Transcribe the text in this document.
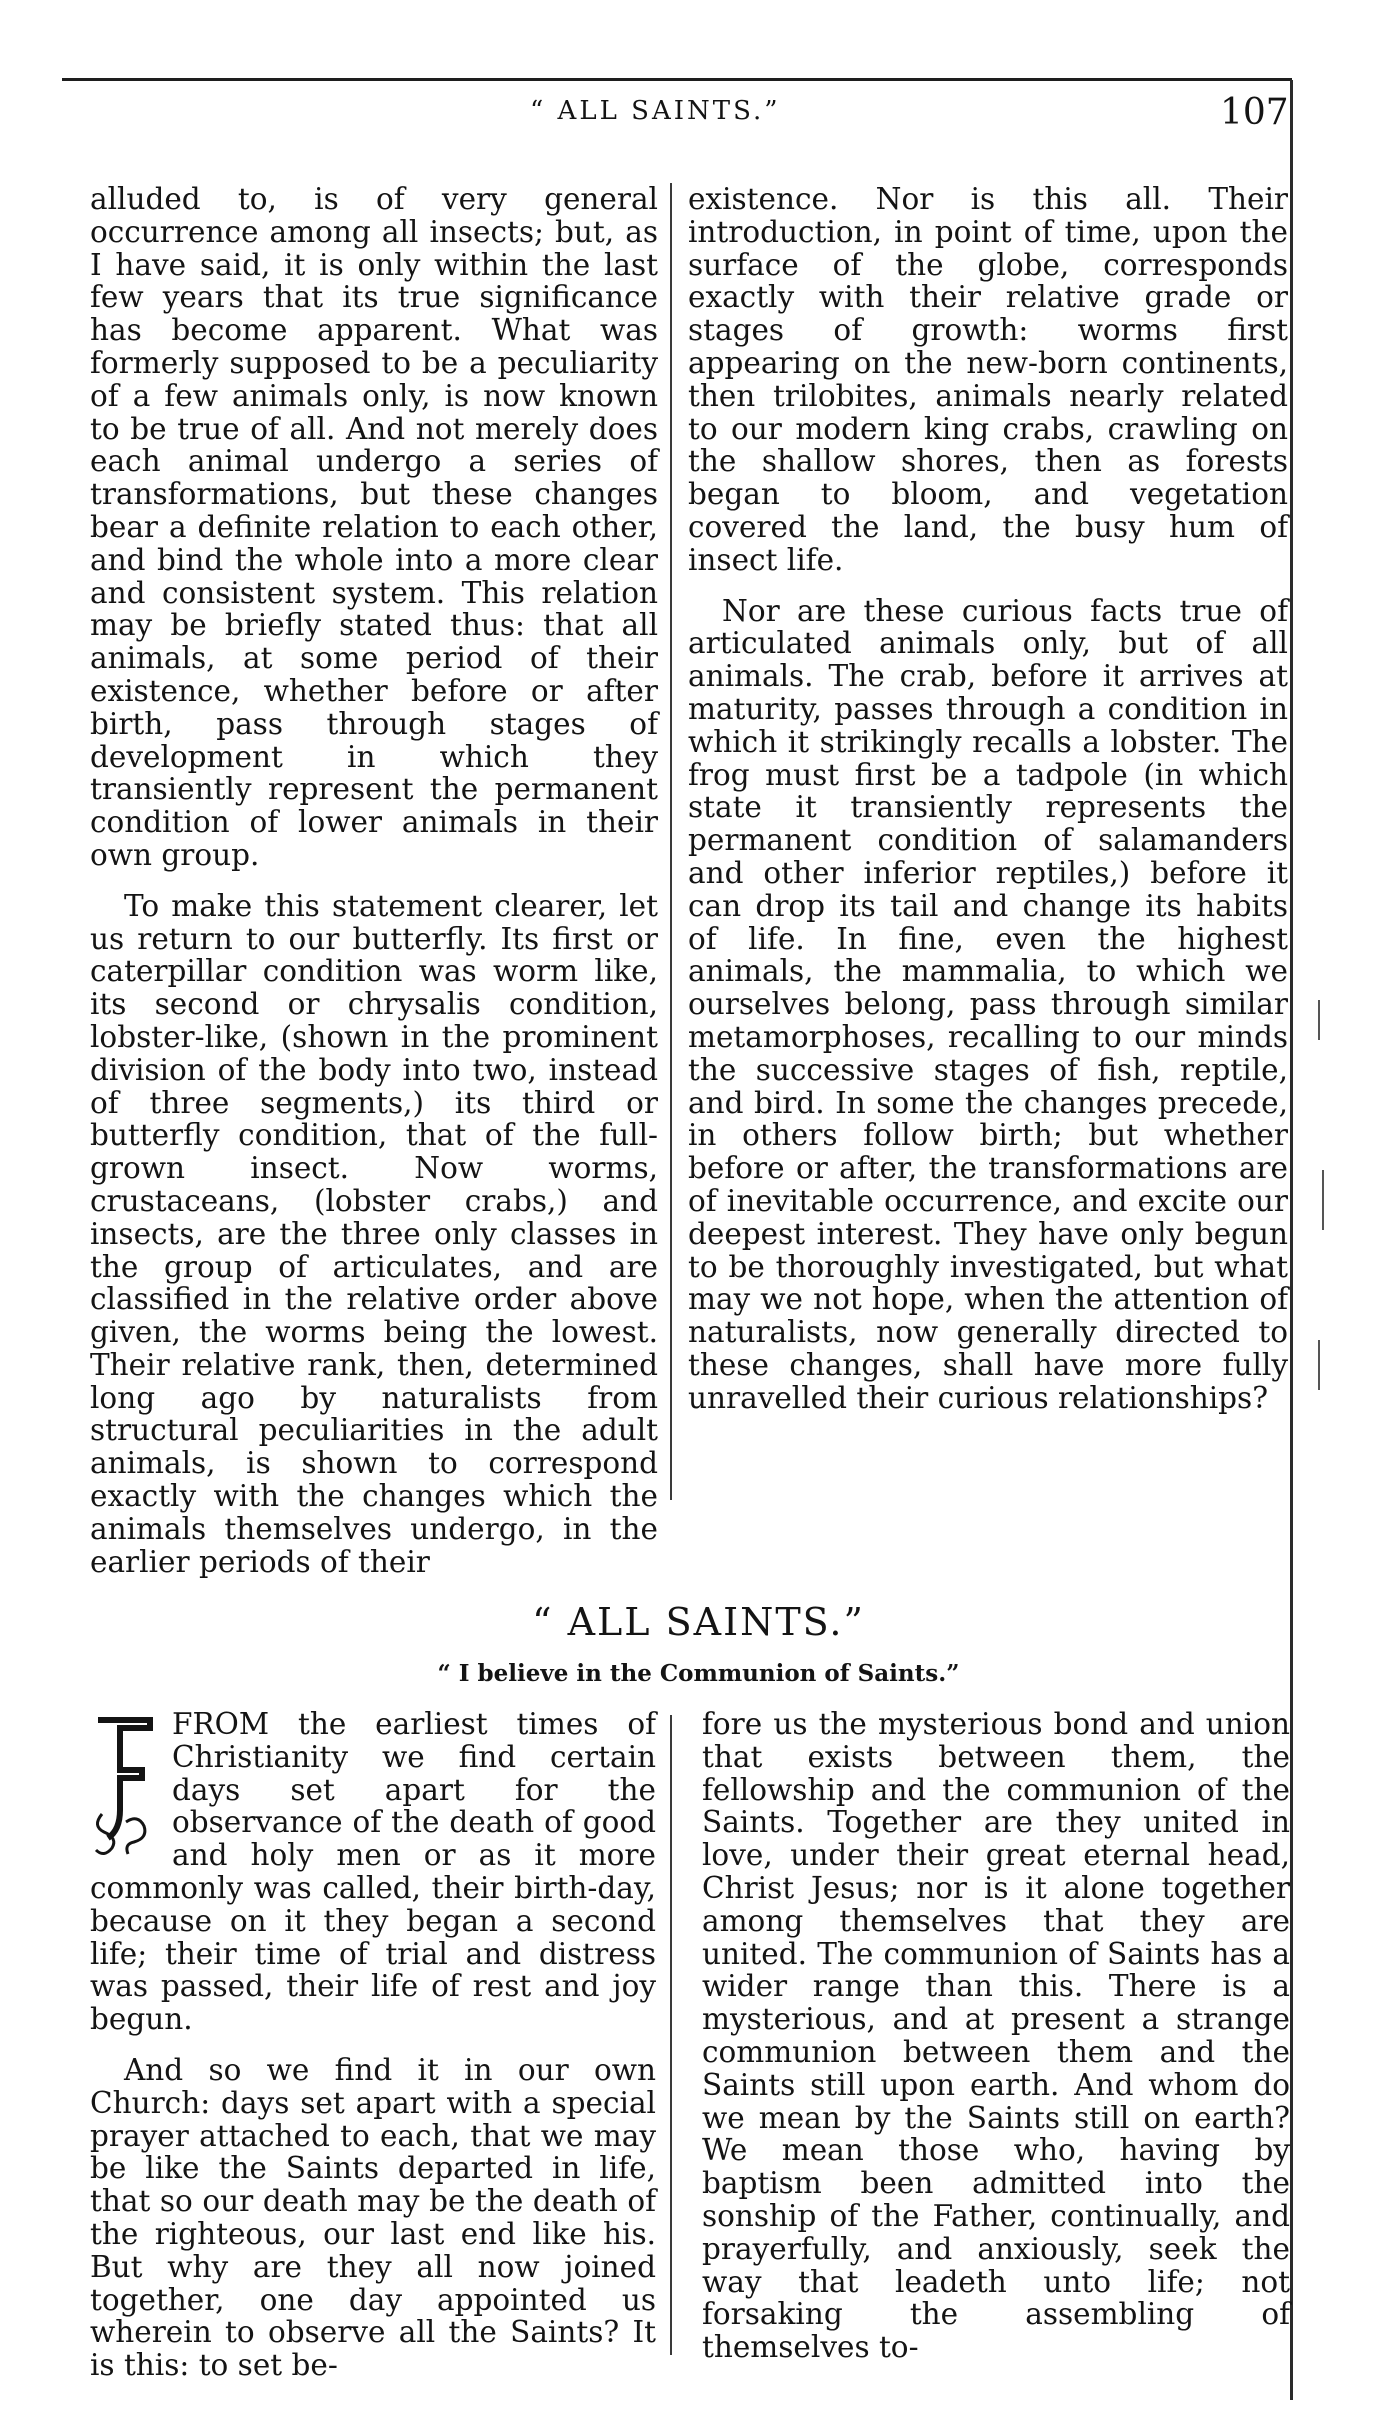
“ ALL SAINTS.”	107

alluded to, is of very general occurrence among all insects; but, as I have said, it is only within the last few years that its true significance has become apparent. What was formerly supposed to be a peculiarity of a few animals only, is now known to be true of all. And not merely does each animal undergo a series of transformations, but these changes bear a definite relation to each other, and bind the whole into a more clear and consistent system. This relation may be briefly stated thus: that all animals, at some period of their existence, whether before or after birth, pass through stages of development in which they transiently represent the permanent condition of lower animals in their own group.

To make this statement clearer, let us return to our butterfly. Its first or caterpillar condition was worm like, its second or chrysalis condition, lobster-like, (shown in the prominent division of the body into two, instead of three segments,) its third or butterfly condition, that of the full-grown insect. Now worms, crustaceans, (lobster crabs,) and insects, are the three only classes in the group of articulates, and are classified in the relative order above given, the worms being the lowest. Their relative rank, then, determined long ago by naturalists from structural peculiarities in the adult animals, is shown to correspond exactly with the changes which the animals themselves undergo, in the earlier periods of their

existence. Nor is this all. Their introduction, in point of time, upon the surface of the globe, corresponds exactly with their relative grade or stages of growth: worms first appearing on the new-born continents, then trilobites, animals nearly related to our modern king crabs, crawling on the shallow shores, then as forests began to bloom, and vegetation covered the land, the busy hum of insect life.

Nor are these curious facts true of articulated animals only, but of all animals. The crab, before it arrives at maturity, passes through a condition in which it strikingly recalls a lobster. The frog must first be a tadpole (in which state it transiently represents the permanent condition of salamanders and other inferior reptiles,) before it can drop its tail and change its habits of life. In fine, even the highest animals, the mammalia, to which we ourselves belong, pass through similar metamorphoses, recalling to our minds the successive stages of fish, reptile, and bird. In some the changes precede, in others follow birth; but whether before or after, the transformations are of inevitable occurrence, and excite our deepest interest. They have only begun to be thoroughly investigated, but what may we not hope, when the attention of naturalists, now generally directed to these changes, shall have more fully unravelled their curious relationships?

“ ALL SAINTS.”
“ I believe in the Communion of Saints.”

FROM the earliest times of Christianity we find certain days set apart for the observance of the death of good and holy men or as it more commonly was called, their birth-day, because on it they began a second life; their time of trial and distress was passed, their life of rest and joy begun.

And so we find it in our own Church: days set apart with a special prayer attached to each, that we may be like the Saints departed in life, that so our death may be the death of the righteous, our last end like his. But why are they all now joined together, one day appointed us wherein to observe all the Saints? It is this: to set be-

fore us the mysterious bond and union that exists between them, the fellowship and the communion of the Saints. Together are they united in love, under their great eternal head, Christ Jesus; nor is it alone together among themselves that they are united. The communion of Saints has a wider range than this. There is a mysterious, and at present a strange communion between them and the Saints still upon earth. And whom do we mean by the Saints still on earth? We mean those who, having by baptism been admitted into the sonship of the Father, continually, and prayerfully, and anxiously, seek the way that leadeth unto life; not forsaking the assembling of themselves to-
